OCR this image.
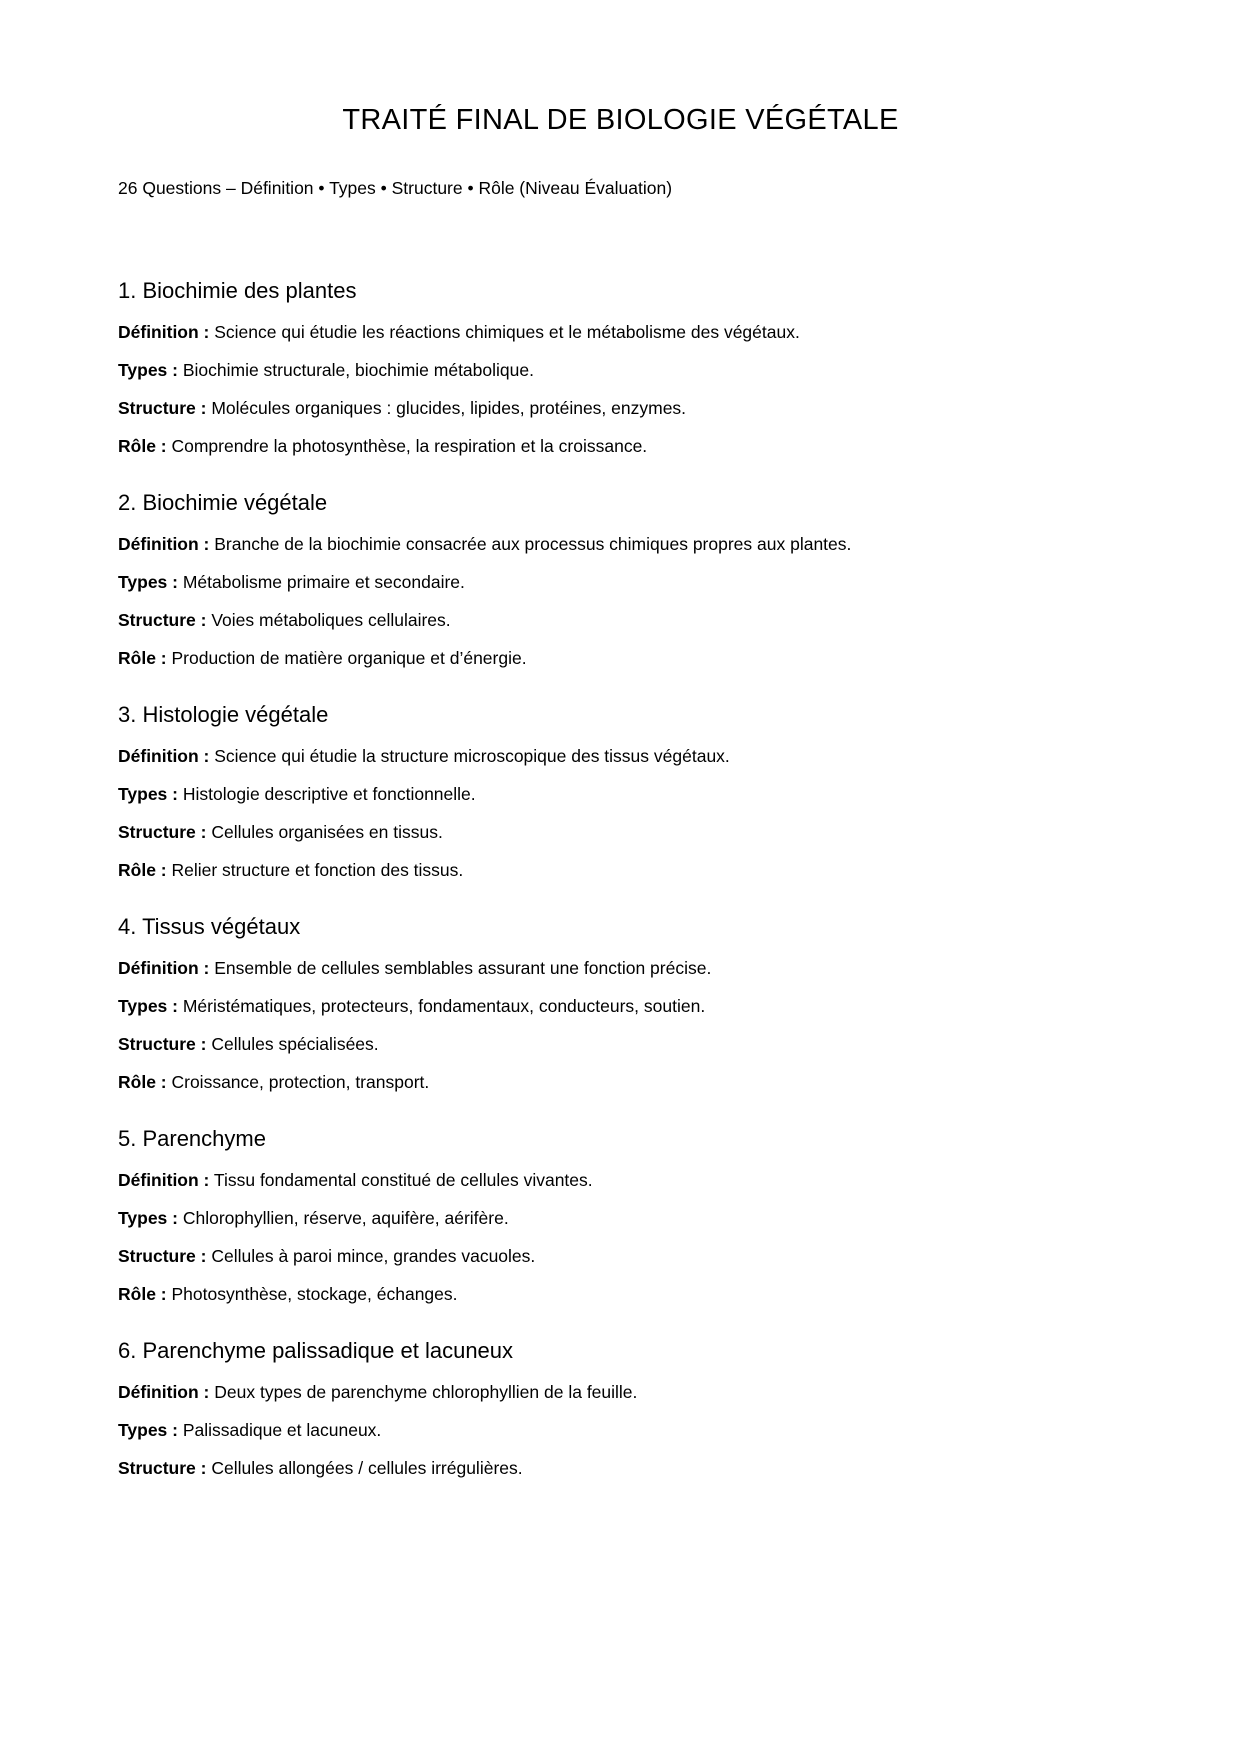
TRAITÉ FINAL DE BIOLOGIE VÉGÉTALE

26 Questions – Définition • Types • Structure • Rôle (Niveau Évaluation)

1. Biochimie des plantes

Définition : Science qui étudie les réactions chimiques et le métabolisme des végétaux.

Types : Biochimie structurale, biochimie métabolique.

Structure : Molécules organiques : glucides, lipides, protéines, enzymes.

Rôle : Comprendre la photosynthèse, la respiration et la croissance.

2. Biochimie végétale

Définition : Branche de la biochimie consacrée aux processus chimiques propres aux plantes.

Types : Métabolisme primaire et secondaire.

Structure : Voies métaboliques cellulaires.

Rôle : Production de matière organique et d’énergie.

3. Histologie végétale

Définition : Science qui étudie la structure microscopique des tissus végétaux.

Types : Histologie descriptive et fonctionnelle.

Structure : Cellules organisées en tissus.

Rôle : Relier structure et fonction des tissus.

4. Tissus végétaux

Définition : Ensemble de cellules semblables assurant une fonction précise.

Types : Méristématiques, protecteurs, fondamentaux, conducteurs, soutien.

Structure : Cellules spécialisées.

Rôle : Croissance, protection, transport.

5. Parenchyme

Définition : Tissu fondamental constitué de cellules vivantes.

Types : Chlorophyllien, réserve, aquifère, aérifère.

Structure : Cellules à paroi mince, grandes vacuoles.

Rôle : Photosynthèse, stockage, échanges.

6. Parenchyme palissadique et lacuneux

Définition : Deux types de parenchyme chlorophyllien de la feuille.

Types : Palissadique et lacuneux.

Structure : Cellules allongées / cellules irrégulières.
